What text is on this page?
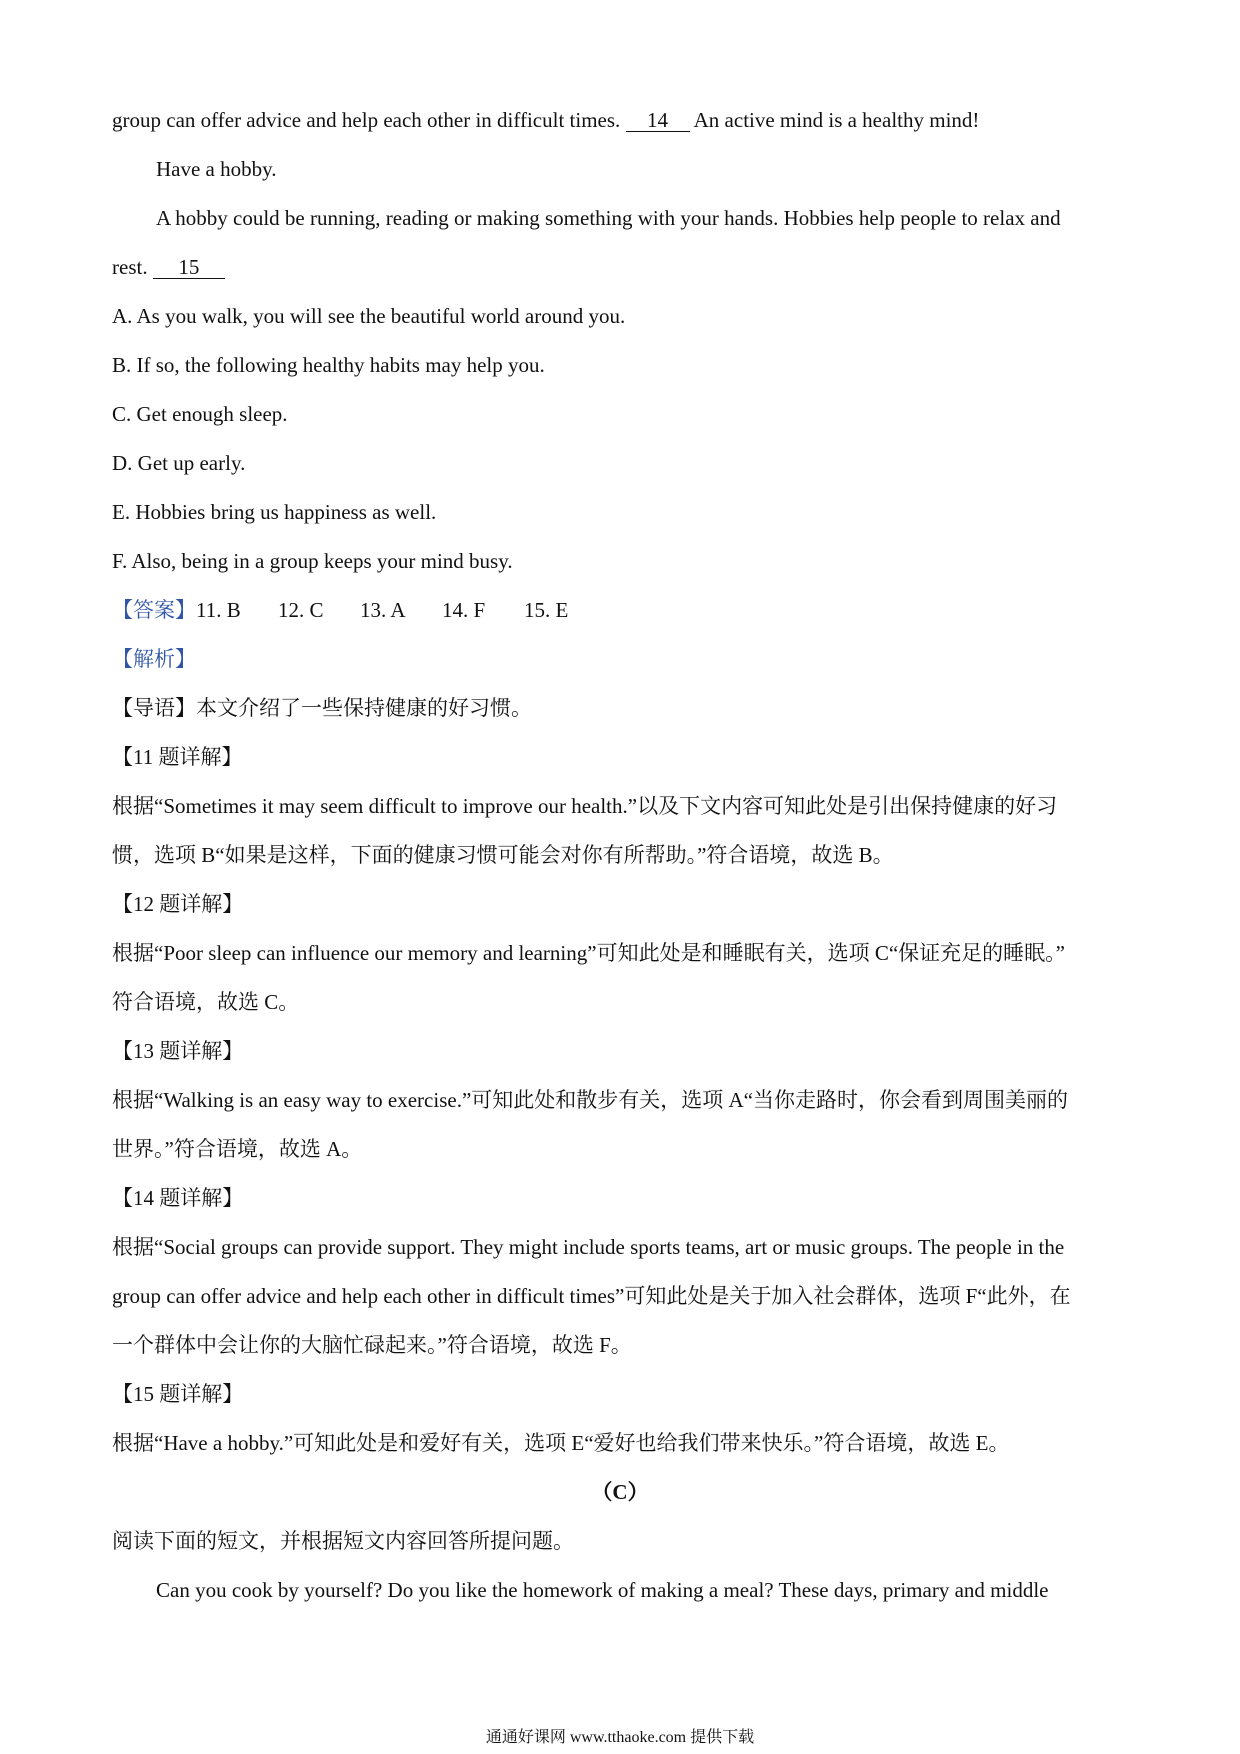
group can offer advice and help each other in difficult times. 14 An active mind is a healthy mind!
Have a hobby.
A hobby could be running, reading or making something with your hands. Hobbies help people to relax and
rest. 15
A. As you walk, you will see the beautiful world around you.
B. If so, the following healthy habits may help you.
C. Get enough sleep.
D. Get up early.
E. Hobbies bring us happiness as well.
F. Also, being in a group keeps your mind busy.
【答案】11. B 12. C 13. A 14. F 15. E
【解析】
【导语】本文介绍了一些保持健康的好习惯。
【11 题详解】
根据“Sometimes it may seem difficult to improve our health.”以及下文内容可知此处是引出保持健康的好习
惯，选项 B“如果是这样，下面的健康习惯可能会对你有所帮助。”符合语境，故选 B。
【12 题详解】
根据“Poor sleep can influence our memory and learning”可知此处是和睡眠有关，选项 C“保证充足的睡眠。”
符合语境，故选 C。
【13 题详解】
根据“Walking is an easy way to exercise.”可知此处和散步有关，选项 A“当你走路时，你会看到周围美丽的
世界。”符合语境，故选 A。
【14 题详解】
根据“Social groups can provide support. They might include sports teams, art or music groups. The people in the
group can offer advice and help each other in difficult times”可知此处是关于加入社会群体，选项 F“此外，在
一个群体中会让你的大脑忙碌起来。”符合语境，故选 F。
【15 题详解】
根据“Have a hobby.”可知此处是和爱好有关，选项 E“爱好也给我们带来快乐。”符合语境，故选 E。
（C）
阅读下面的短文，并根据短文内容回答所提问题。
Can you cook by yourself? Do you like the homework of making a meal? These days, primary and middle
通通好课网 www.tthaoke.com 提供下载
